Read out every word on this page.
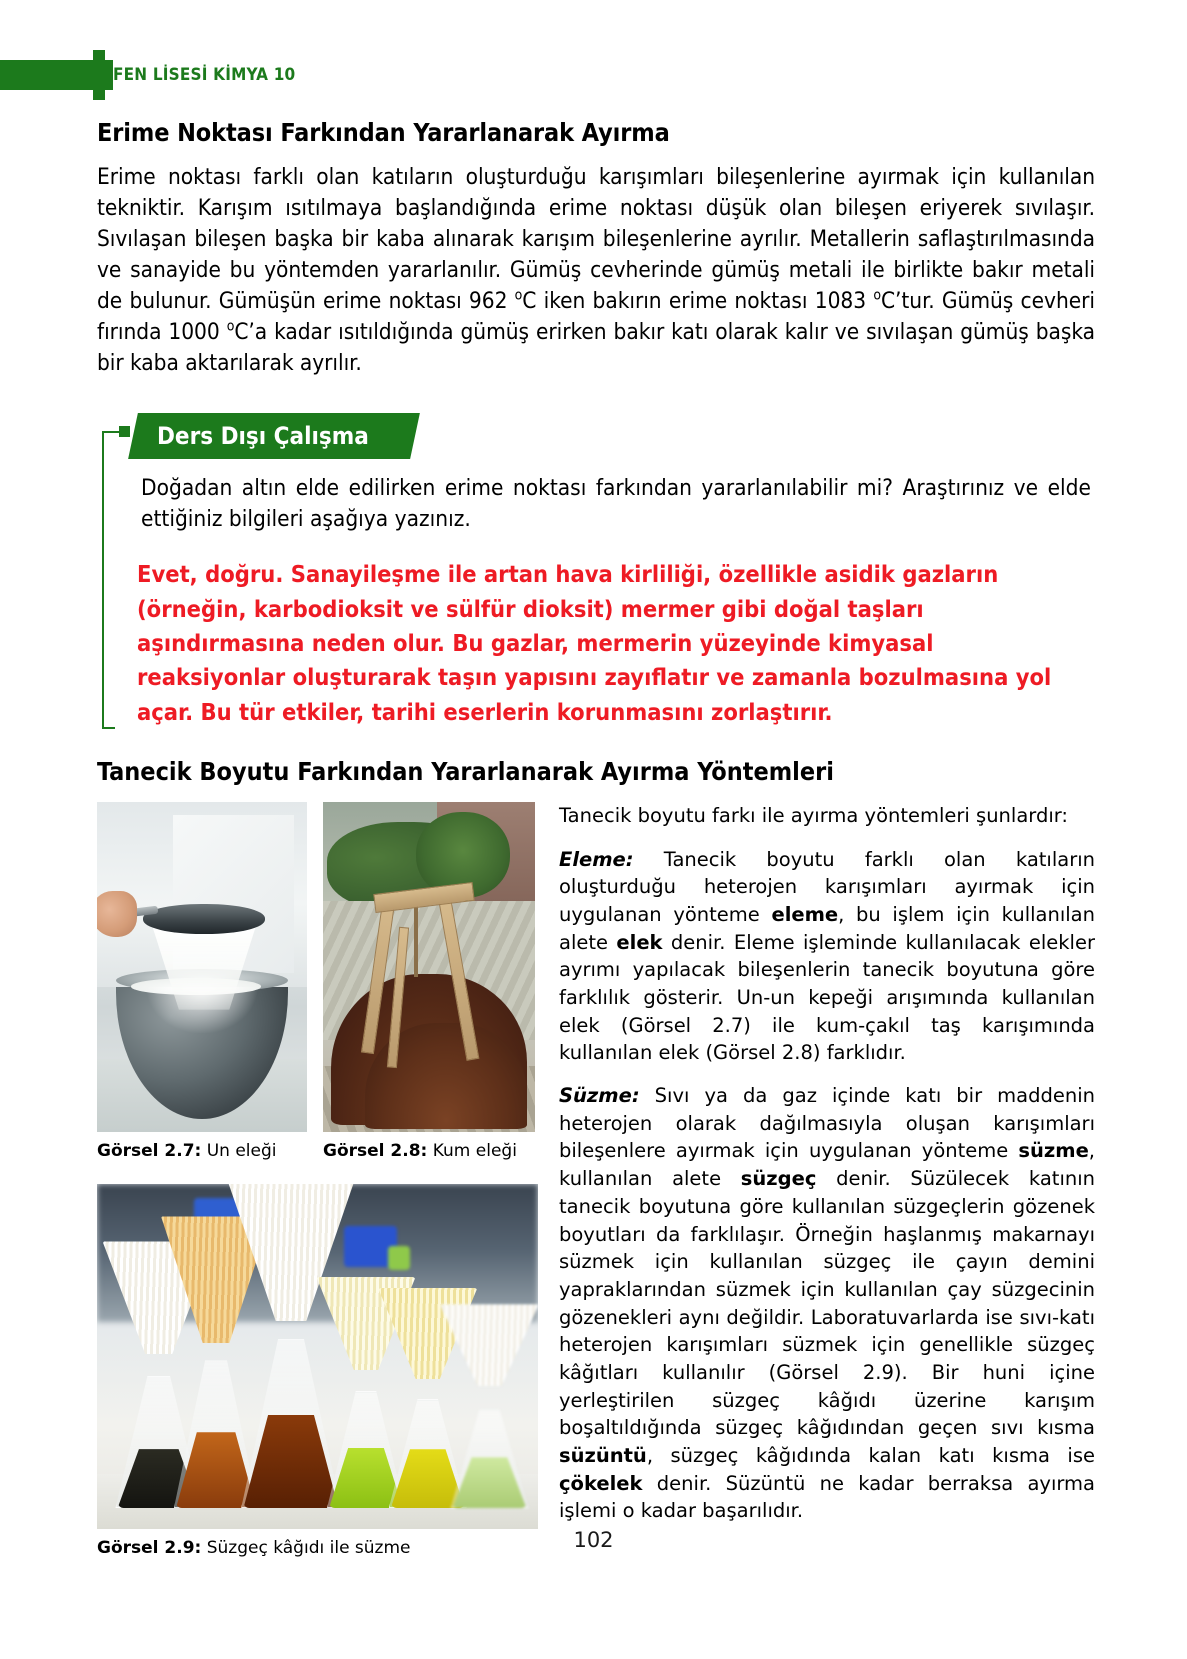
FEN LİSESİ KİMYA 10
Erime Noktası Farkından Yararlanarak Ayırma

Erime noktası farklı olan katıların oluşturduğu karışımları bileşenlerine ayırmak için kullanılan tekniktir. Karışım ısıtılmaya başlandığında erime noktası düşük olan bileşen eriyerek sıvılaşır. Sıvılaşan bileşen başka bir kaba alınarak karışım bileşenlerine ayrılır. Metallerin saflaştırılmasında ve sanayide bu yöntemden yararlanılır. Gümüş cevherinde gümüş metali ile birlikte bakır metali de bulunur. Gümüşün erime noktası 962 $^o$C iken bakırın erime noktası 1083 $^o$C’tur. Gümüş cevheri fırında 1000 $^o$C’a kadar ısıtıldığında gümüş erirken bakır katı olarak kalır ve sıvılaşan gümüş başka bir kaba aktarılarak ayrılır.

Ders Dışı Çalışma
Doğadan altın elde edilirken erime noktası farkından yararlanılabilir mi? Araştırınız ve elde ettiğiniz bilgileri aşağıya yazınız.
Evet, doğru. Sanayileşme ile artan hava kirliliği, özellikle asidik gazların (örneğin, karbodioksit ve sülfür dioksit) mermer gibi doğal taşları aşındırmasına neden olur. Bu gazlar, mermerin yüzeyinde kimyasal reaksiyonlar oluşturarak taşın yapısını zayıflatır ve zamanla bozulmasına yol açar. Bu tür etkiler, tarihi eserlerin korunmasını zorlaştırır.
Tanecik Boyutu Farkından Yararlanarak Ayırma Yöntemleri
Görsel 2.7: Un eleği	Görsel 2.8: Kum eleği
Görsel 2.9: Süzgeç kâğıdı ile süzme

Tanecik boyutu farkı ile ayırma yöntemleri şunlardır:

Eleme: Tanecik boyutu farklı olan katıların oluşturduğu heterojen karışımları ayırmak için uygulanan yönteme eleme, bu işlem için kullanılan alete elek denir. Eleme işleminde kullanılacak elekler ayrımı yapılacak bileşenlerin tanecik boyutuna göre farklılık gösterir. Un-un kepeği arışımında kullanılan elek (Görsel 2.7) ile kum-çakıl taş karışımında kullanılan elek (Görsel 2.8) farklıdır.

Süzme: Sıvı ya da gaz içinde katı bir maddenin heterojen olarak dağılmasıyla oluşan karışımları bileşenlere ayırmak için uygulanan yönteme süzme, kullanılan alete süzgeç denir. Süzülecek katının tanecik boyutuna göre kullanılan süzgeçlerin gözenek boyutları da farklılaşır. Örneğin haşlanmış makarnayı süzmek için kullanılan süzgeç ile çayın demini yapraklarından süzmek için kullanılan çay süzgecinin gözenekleri aynı değildir. Laboratuvarlarda ise sıvı-katı heterojen karışımları süzmek için genellikle süzgeç kâğıtları kullanılır (Görsel 2.9). Bir huni içine yerleştirilen süzgeç kâğıdı üzerine karışım boşaltıldığında süzgeç kâğıdından geçen sıvı kısma süzüntü, süzgeç kâğıdında kalan katı kısma ise çökelek denir. Süzüntü ne kadar berraksa ayırma işlemi o kadar başarılıdır.

102
